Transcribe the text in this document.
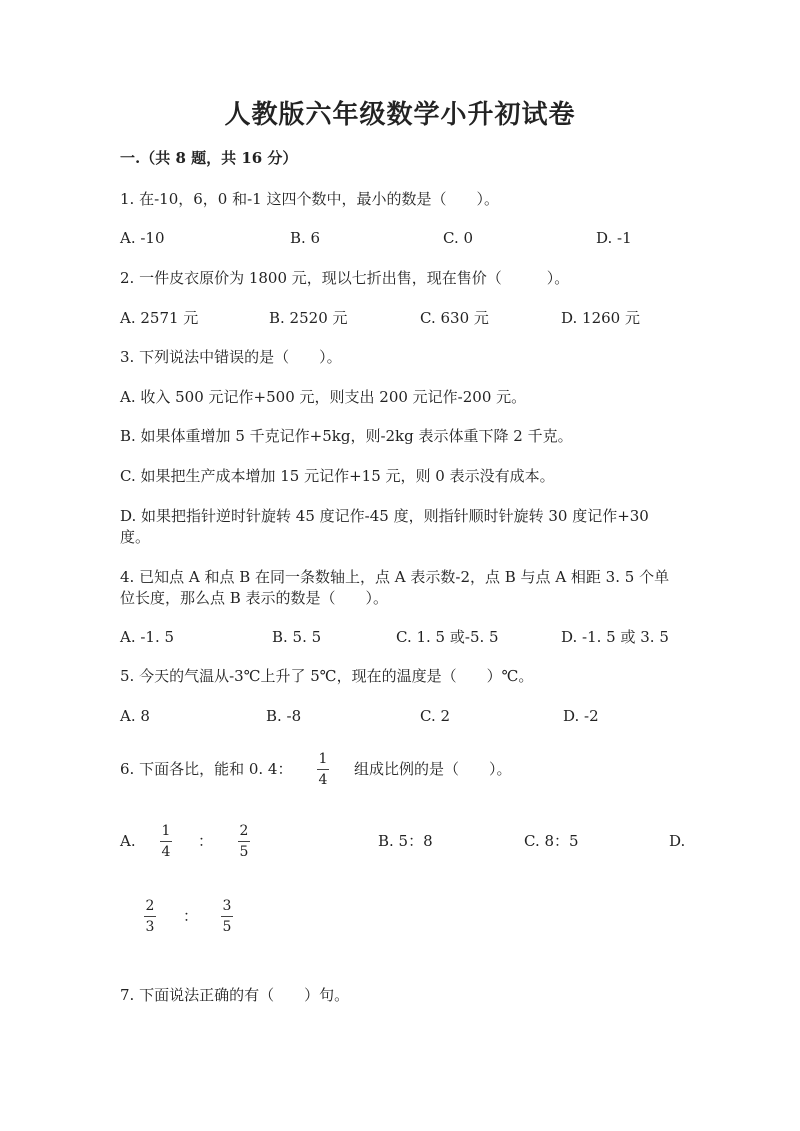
人教版六年级数学小升初试卷
一.（共 8 题，共 16 分）
1. 在-10，6，0 和-1 这四个数中，最小的数是（　　）。
A. -10	B. 6	C. 0	D. -1
2. 一件皮衣原价为 1800 元，现以七折出售，现在售价（　　　）。
A. 2571 元	B. 2520 元	C. 630 元	D. 1260 元
3. 下列说法中错误的是（　　）。
A. 收入 500 元记作+500 元，则支出 200 元记作-200 元。
B. 如果体重增加 5 千克记作+5kg，则-2kg 表示体重下降 2 千克。
C. 如果把生产成本增加 15 元记作+15 元，则 0 表示没有成本。
D. 如果把指针逆时针旋转 45 度记作-45 度，则指针顺时针旋转 30 度记作+30
度。
4. 已知点 A 和点 B 在同一条数轴上，点 A 表示数-2，点 B 与点 A 相距 3. 5 个单
位长度，那么点 B 表示的数是（　　）。
A. -1. 5	B. 5. 5	C. 1. 5 或-5. 5	D. -1. 5 或 3. 5
5. 今天的气温从-3℃上升了 5℃，现在的温度是（　　）℃。
A. 8	B. -8	C. 2	D. -2
6. 下面各比，能和 0. 4：
1
4
组成比例的是（　　）。
A.
1
4
：
2
5
B. 5：8	C. 8：5	D.
2
3
：
3
5
7. 下面说法正确的有（　　）句。
